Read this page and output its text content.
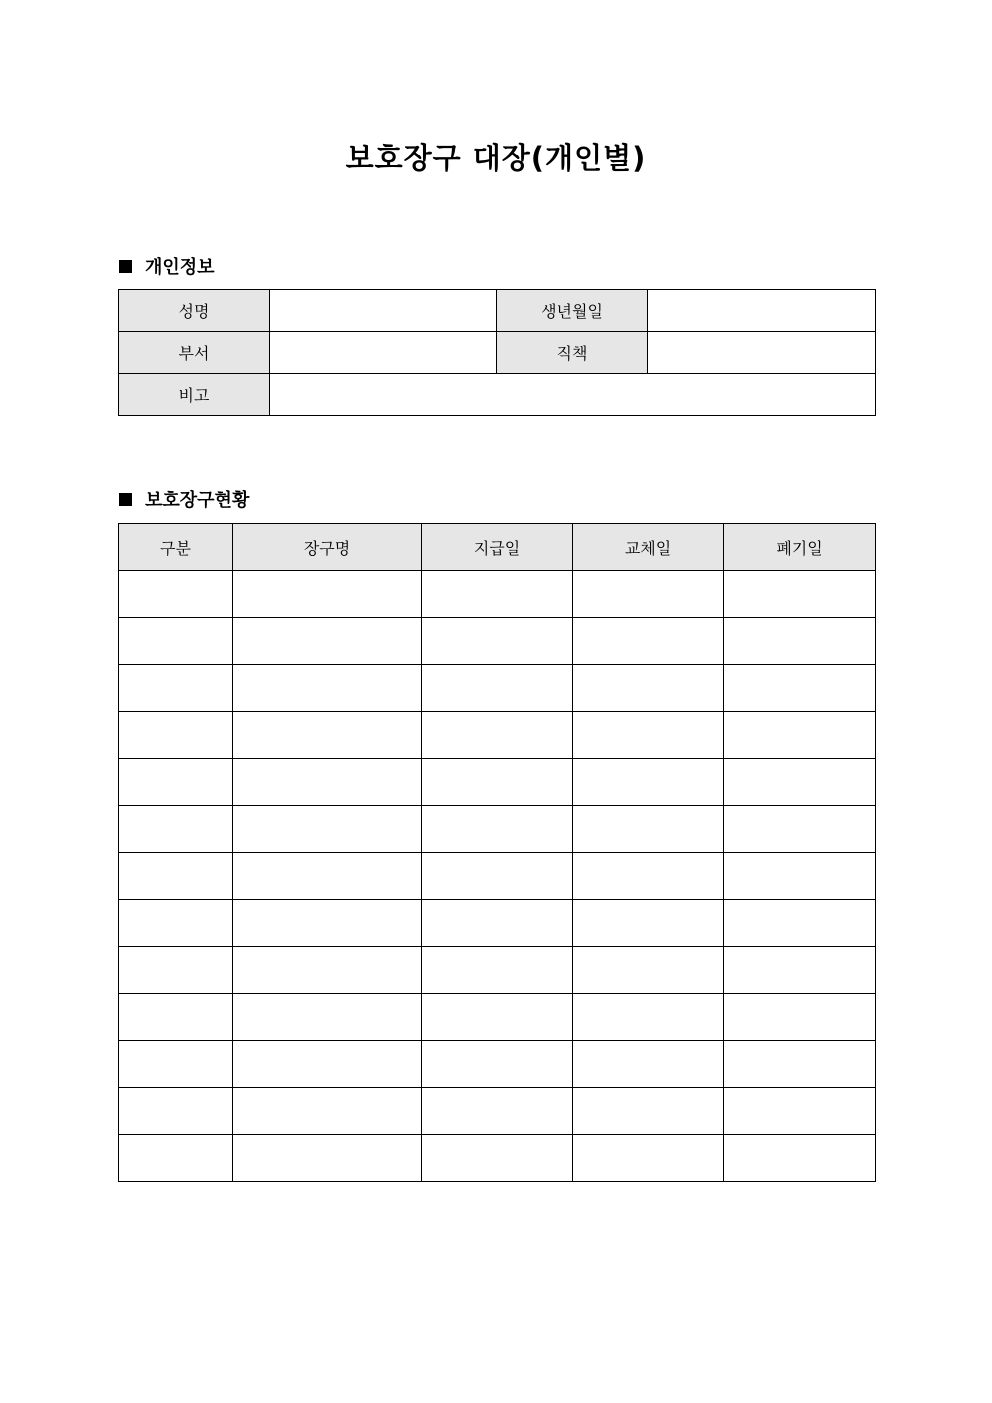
보호장구 대장(개인별)
개인정보
성명		생년월일	
부서		직책	
비고			
보호장구현황
구분	장구명	지급일	교체일	폐기일
